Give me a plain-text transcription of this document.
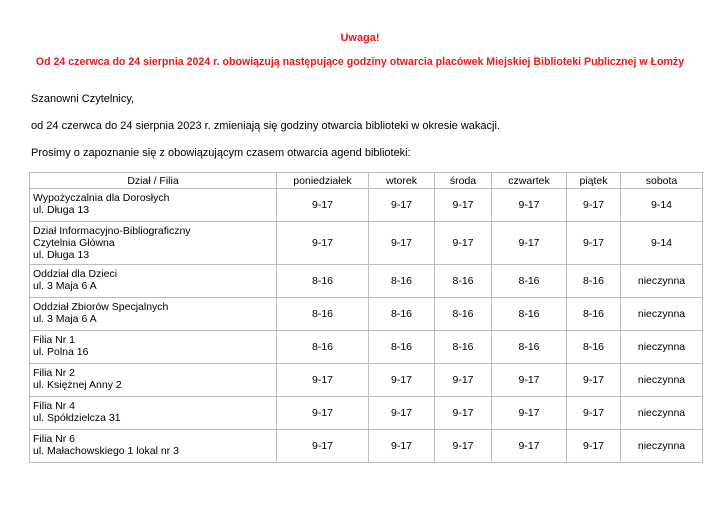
Uwaga!
Od 24 czerwca do 24 sierpnia 2024 r. obowiązują następujące godziny otwarcia placówek Miejskiej Biblioteki Publicznej w Łomży
Szanowni Czytelnicy,
od 24 czerwca do 24 sierpnia 2023 r. zmieniają się godziny otwarcia biblioteki w okresie wakacji.
Prosimy o zapoznanie się z obowiązującym czasem otwarcia agend biblioteki:
Dział / Filia	poniedziałek	wtorek	środa	czwartek	piątek	sobota

Wypożyczalnia dla Dorosłych
ul. Długa 13	9-17	9-17	9-17	9-17	9-17	9-14

Dział Informacyjno-Bibliograficzny
Czytelnia Główna
ul. Długa 13	9-17	9-17	9-17	9-17	9-17	9-14

Oddział dla Dzieci
ul. 3 Maja 6 A	8-16	8-16	8-16	8-16	8-16	nieczynna

Oddział Zbiorów Specjalnych
ul. 3 Maja 6 A	8-16	8-16	8-16	8-16	8-16	nieczynna

Filia Nr 1
ul. Polna 16	8-16	8-16	8-16	8-16	8-16	nieczynna

Filia Nr 2
ul. Księżnej Anny 2	9-17	9-17	9-17	9-17	9-17	nieczynna

Filia Nr 4
ul. Spółdzielcza 31	9-17	9-17	9-17	9-17	9-17	nieczynna

Filia Nr 6
ul. Małachowskiego 1 lokal nr 3	9-17	9-17	9-17	9-17	9-17	nieczynna
